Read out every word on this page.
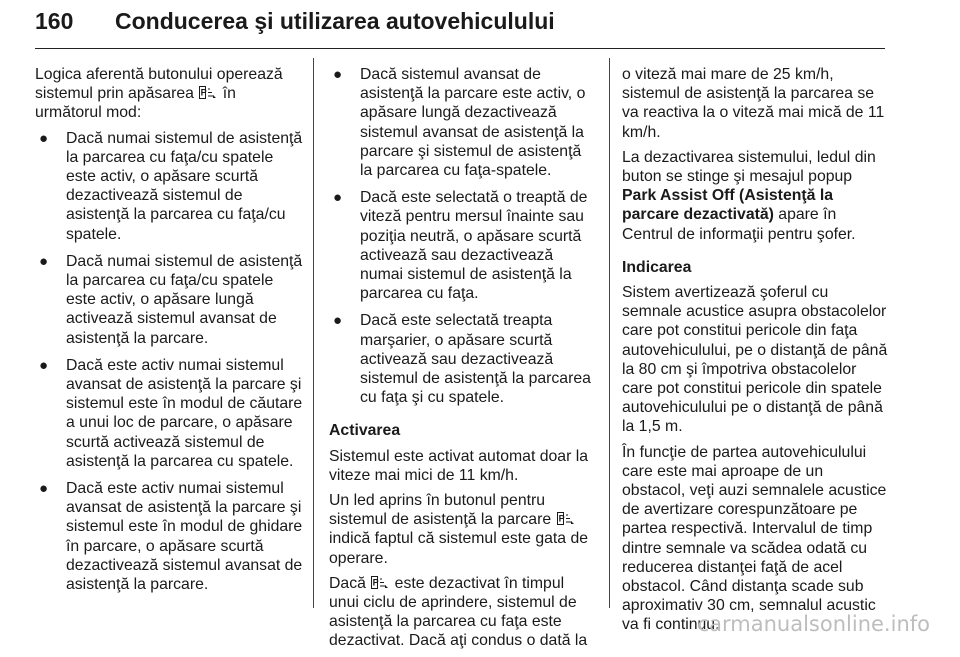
160 Conducerea şi utilizarea autovehiculului

Logica aferentă butonului operează sistemul prin apăsarea P în următorul mod:

● Dacă numai sistemul de asistenţă la parcarea cu faţa/cu spatele este activ, o apăsare scurtă dezactivează sistemul de asistenţă la parcarea cu faţa/cu spatele.
● Dacă numai sistemul de asistenţă la parcarea cu faţa/cu spatele este activ, o apăsare lungă activează sistemul avansat de asistenţă la parcare.
● Dacă este activ numai sistemul avansat de asistenţă la parcare şi sistemul este în modul de căutare a unui loc de parcare, o apăsare scurtă activează sistemul de asistenţă la parcarea cu spatele.
● Dacă este activ numai sistemul avansat de asistenţă la parcare şi sistemul este în modul de ghidare în parcare, o apăsare scurtă dezactivează sistemul avansat de asistenţă la parcare.
● Dacă sistemul avansat de asistenţă la parcare este activ, o apăsare lungă dezactivează sistemul avansat de asistenţă la parcare şi sistemul de asistenţă la parcarea cu faţa-spatele.
● Dacă este selectată o treaptă de viteză pentru mersul înainte sau poziţia neutră, o apăsare scurtă activează sau dezactivează numai sistemul de asistenţă la parcarea cu faţa.
● Dacă este selectată treapta marşarier, o apăsare scurtă activează sau dezactivează sistemul de asistenţă la parcarea cu faţa şi cu spatele.

Activarea

Sistemul este activat automat doar la viteze mai mici de 11 km/h.

Un led aprins în butonul pentru sistemul de asistenţă la parcare P
indică faptul că sistemul este gata de operare.

Dacă P este dezactivat în timpul unui ciclu de aprindere, sistemul de asistenţă la parcarea cu faţa este dezactivat. Dacă aţi condus o dată la

o viteză mai mare de 25 km/h, sistemul de asistenţă la parcarea se va reactiva la o viteză mai mică de 11 km/h.

La dezactivarea sistemului, ledul din buton se stinge şi mesajul popup Park Assist Off (Asistenţă la parcare dezactivată) apare în Centrul de informaţii pentru şofer.

Indicarea

Sistem avertizează şoferul cu semnale acustice asupra obstacolelor care pot constitui pericole din faţa autovehiculului, pe o distanţă de până la 80 cm şi împotriva obstacolelor care pot constitui pericole din spatele autovehiculului pe o distanţă de până la 1,5 m.

În funcţie de partea autovehiculului care este mai aproape de un obstacol, veţi auzi semnalele acustice de avertizare corespunzătoare pe partea respectivă. Intervalul de timp dintre semnale va scădea odată cu reducerea distanţei faţă de acel obstacol. Când distanţa scade sub aproximativ 30 cm, semnalul acustic va fi continuu.

carmanualsonline.info
